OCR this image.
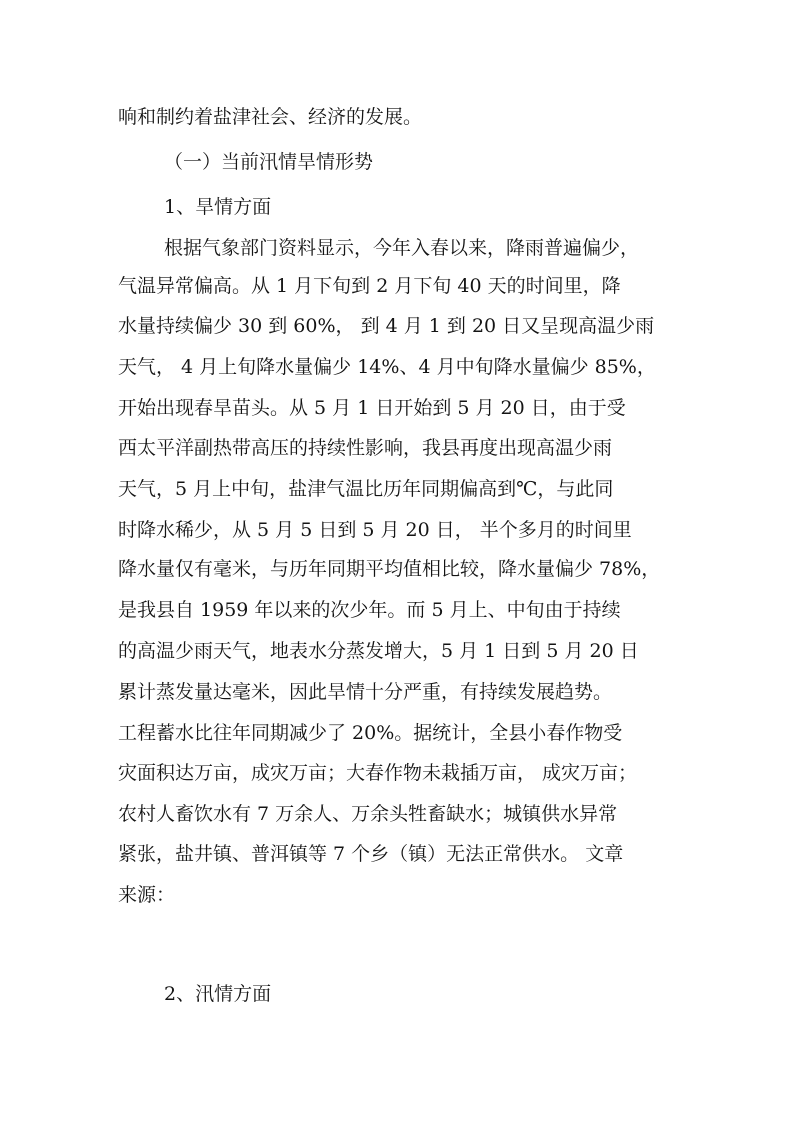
响和制约着盐津社会、经济的发展。
（一）当前汛情旱情形势
1、旱情方面
根据气象部门资料显示，今年入春以来，降雨普遍偏少，
气温异常偏高。从 1 月下旬到 2 月下旬 40 天的时间里，降
水量持续偏少 30 到 60%， 到 4 月 1 到 20 日又呈现高温少雨
天气， 4 月上旬降水量偏少 14%、4 月中旬降水量偏少 85%，
开始出现春旱苗头。从 5 月 1 日开始到 5 月 20 日，由于受
西太平洋副热带高压的持续性影响，我县再度出现高温少雨
天气，5 月上中旬，盐津气温比历年同期偏高到℃，与此同
时降水稀少，从 5 月 5 日到 5 月 20 日， 半个多月的时间里
降水量仅有毫米，与历年同期平均值相比较，降水量偏少 78%，
是我县自 1959 年以来的次少年。而 5 月上、中旬由于持续
的高温少雨天气，地表水分蒸发增大，5 月 1 日到 5 月 20 日
累计蒸发量达毫米，因此旱情十分严重，有持续发展趋势。
工程蓄水比往年同期减少了 20%。据统计，全县小春作物受
灾面积达万亩，成灾万亩；大春作物未栽插万亩， 成灾万亩；
农村人畜饮水有 7 万余人、万余头牲畜缺水；城镇供水异常
紧张，盐井镇、普洱镇等 7 个乡（镇）无法正常供水。 文章
来源：
2、汛情方面
